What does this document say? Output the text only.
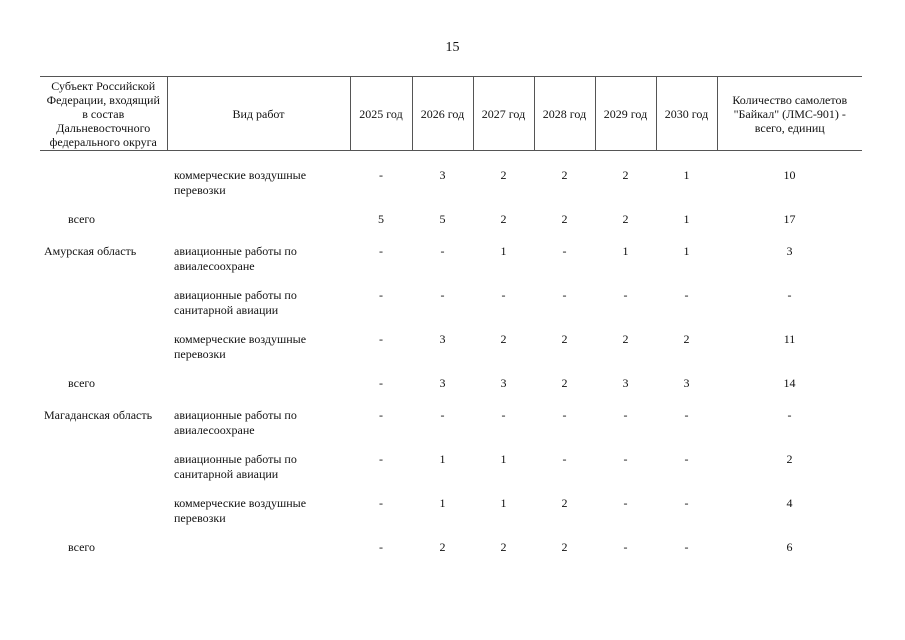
15
Субъект Российской Федерации, входящий в состав Дальневосточного федерального округа	Вид работ	2025 год	2026 год	2027 год	2028 год	2029 год	2030 год	Количество самолетов "Байкал" (ЛМС-901) - всего, единиц

	коммерческие воздушные перевозки	-	3	2	2	2	1	10
всего		5	5	2	2	2	1	17

Амурская область	авиационные работы по авиалесоохране	-	-	1	-	1	1	3
	авиационные работы по санитарной авиации	-	-	-	-	-	-	-
	коммерческие воздушные перевозки	-	3	2	2	2	2	11
всего		-	3	3	2	3	3	14

Магаданская область	авиационные работы по авиалесоохране	-	-	-	-	-	-	-
	авиационные работы по санитарной авиации	-	1	1	-	-	-	2
	коммерческие воздушные перевозки	-	1	1	2	-	-	4
всего		-	2	2	2	-	-	6
